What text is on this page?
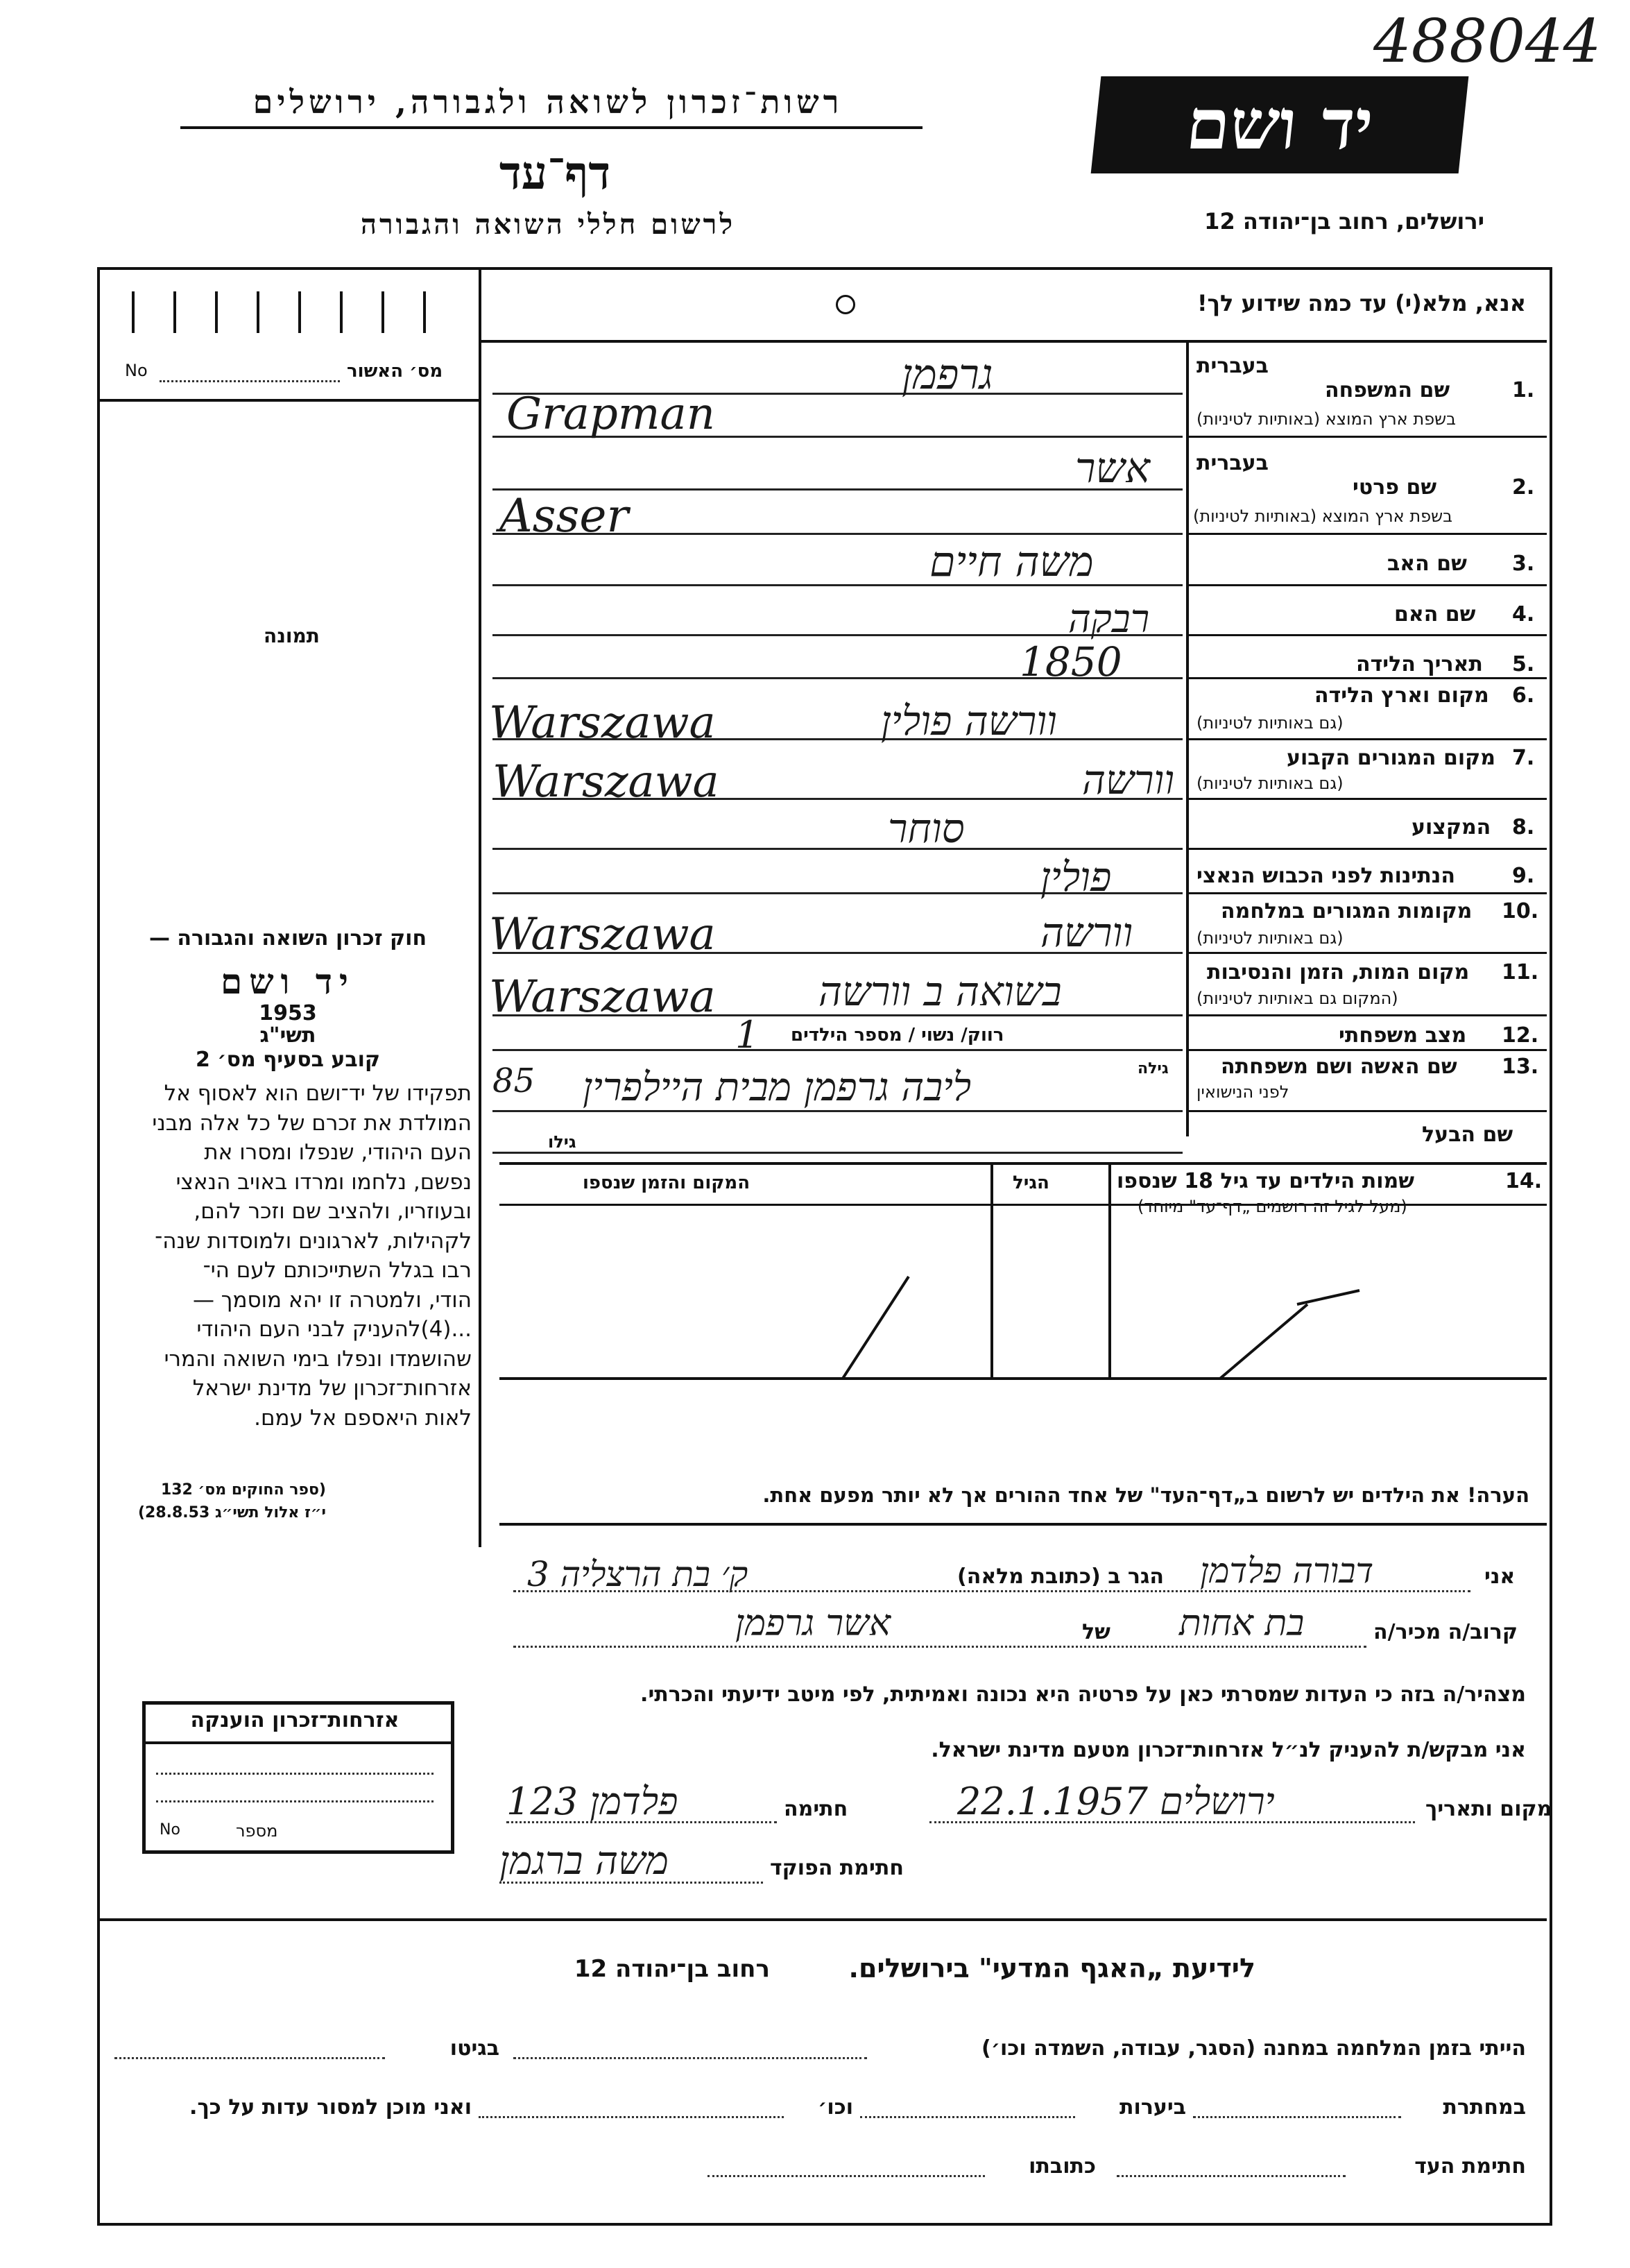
488044
רשות־זכרון לשואה ולגבורה, ירושלים
דף־עד
לרשום חללי השואה והגבורה
יד ושם
ירושלים, רחוב בן־יהודה 12
מס׳ האשור
No
תמונה
חוק זכרון השואה והגבורה —
יד ושם
תשי"ג
1953
קובע בסעיף מס׳ 2
תפקידו של יד־ושם הוא לאסוף אל
המולדת את זכרם של כל אלה מבני
העם היהודי, שנפלו ומסרו את
נפשם, נלחמו ומרדו באויב הנאצי
ובעוזריו, ולהציב שם וזכר להם,
לקהילות, לארגונים ולמוסדות שנה־
רבו בגלל השתייכותם לעם הי־
הודי, ולמטרה זו יהא מוסמך —
...(4)להעניק לבני העם היהודי
שהושמדו ונפלו בימי השואה והמרי
אזרחות־זכרון של מדינת ישראל
לאות היאספם אל עמם.
(ספר החוקים מס׳ 132
י״ז אלול תשי״ג 28.8.53)
אזרחות־זכרון הוענקה
מספר
No
אנא, מלא(י) עד כמה שידוע לך!
בעברית
1.
שם המשפחה
בשפת ארץ המוצא (באותיות לטיניות)
בעברית
2.
שם פרטי
בשפת ארץ המוצא (באותיות לטיניות)
3.
שם האב
4.
שם האם
5.
תאריך הלידה
6.
מקום וארץ הלידה
(גם באותיות לטיניות)
7.
מקום המגורים הקבוע
(גם באותיות לטיניות)
8.
המקצוע
9.
הנתינות לפני הכבוש הנאצי
10.
מקומות המגורים במלחמה
(גם באותיות לטיניות)
11.
מקום המות, הזמן והנסיבות
(המקום גם באותיות לטיניות)
12.
מצב משפחתי
13.
שם האשה ושם משפחתה
לפני הנישואין
שם הבעל
גרפמן
Grapman
אשר
Asser
משה חיים
רבקה
1850
וורשה פולין
Warszawa
וורשה
Warszawa
סוחר
פולין
וורשה
Warszawa
בשואה ב וורשה
Warszawa
רווק/ נשוי / מספר הילדים
1
גילה
ליבה גרפמן מבית היילפרין
85
גילו
14.
שמות הילדים עד גיל 18 שנספו
(מעל לגיל זה רושמים „דף־עד" מיוחד)
הגיל
המקום והזמן שנספו
הערה! את הילדים יש לרשום ב„דף־העד" של אחד ההורים אך לא יותר מפעם אחת.
אני
דבורה פלדמן
הגר ב (כתובת מלאה)
ק׳ בת הרצליה 3
קרוב/ה מכיר/ה
בת אחות
של
אשר גרפמן
מצהיר/ה בזה כי העדות שמסרתי כאן על פרטיה היא נכונה ואמיתית, לפי מיטב ידיעתי והכרתי.
אני מבקש/ת להעניק לנ״ל אזרחות־זכרון מטעם מדינת ישראל.
מקום ותאריך
ירושלים 22.1.1957
חתימה
פלדמן 123
חתימת הפוקד
משה ברגמן
לידיעת „האגף המדעי" בירושלים.
רחוב בן־יהודה 12
הייתי בזמן המלחמה במחנה (הסגר, עבודה, השמדה וכו׳)
בגיטו
במחתרת
ביערות
וכו׳
ואני מוכן למסור עדות על כך.
חתימת העד
כתובתו
